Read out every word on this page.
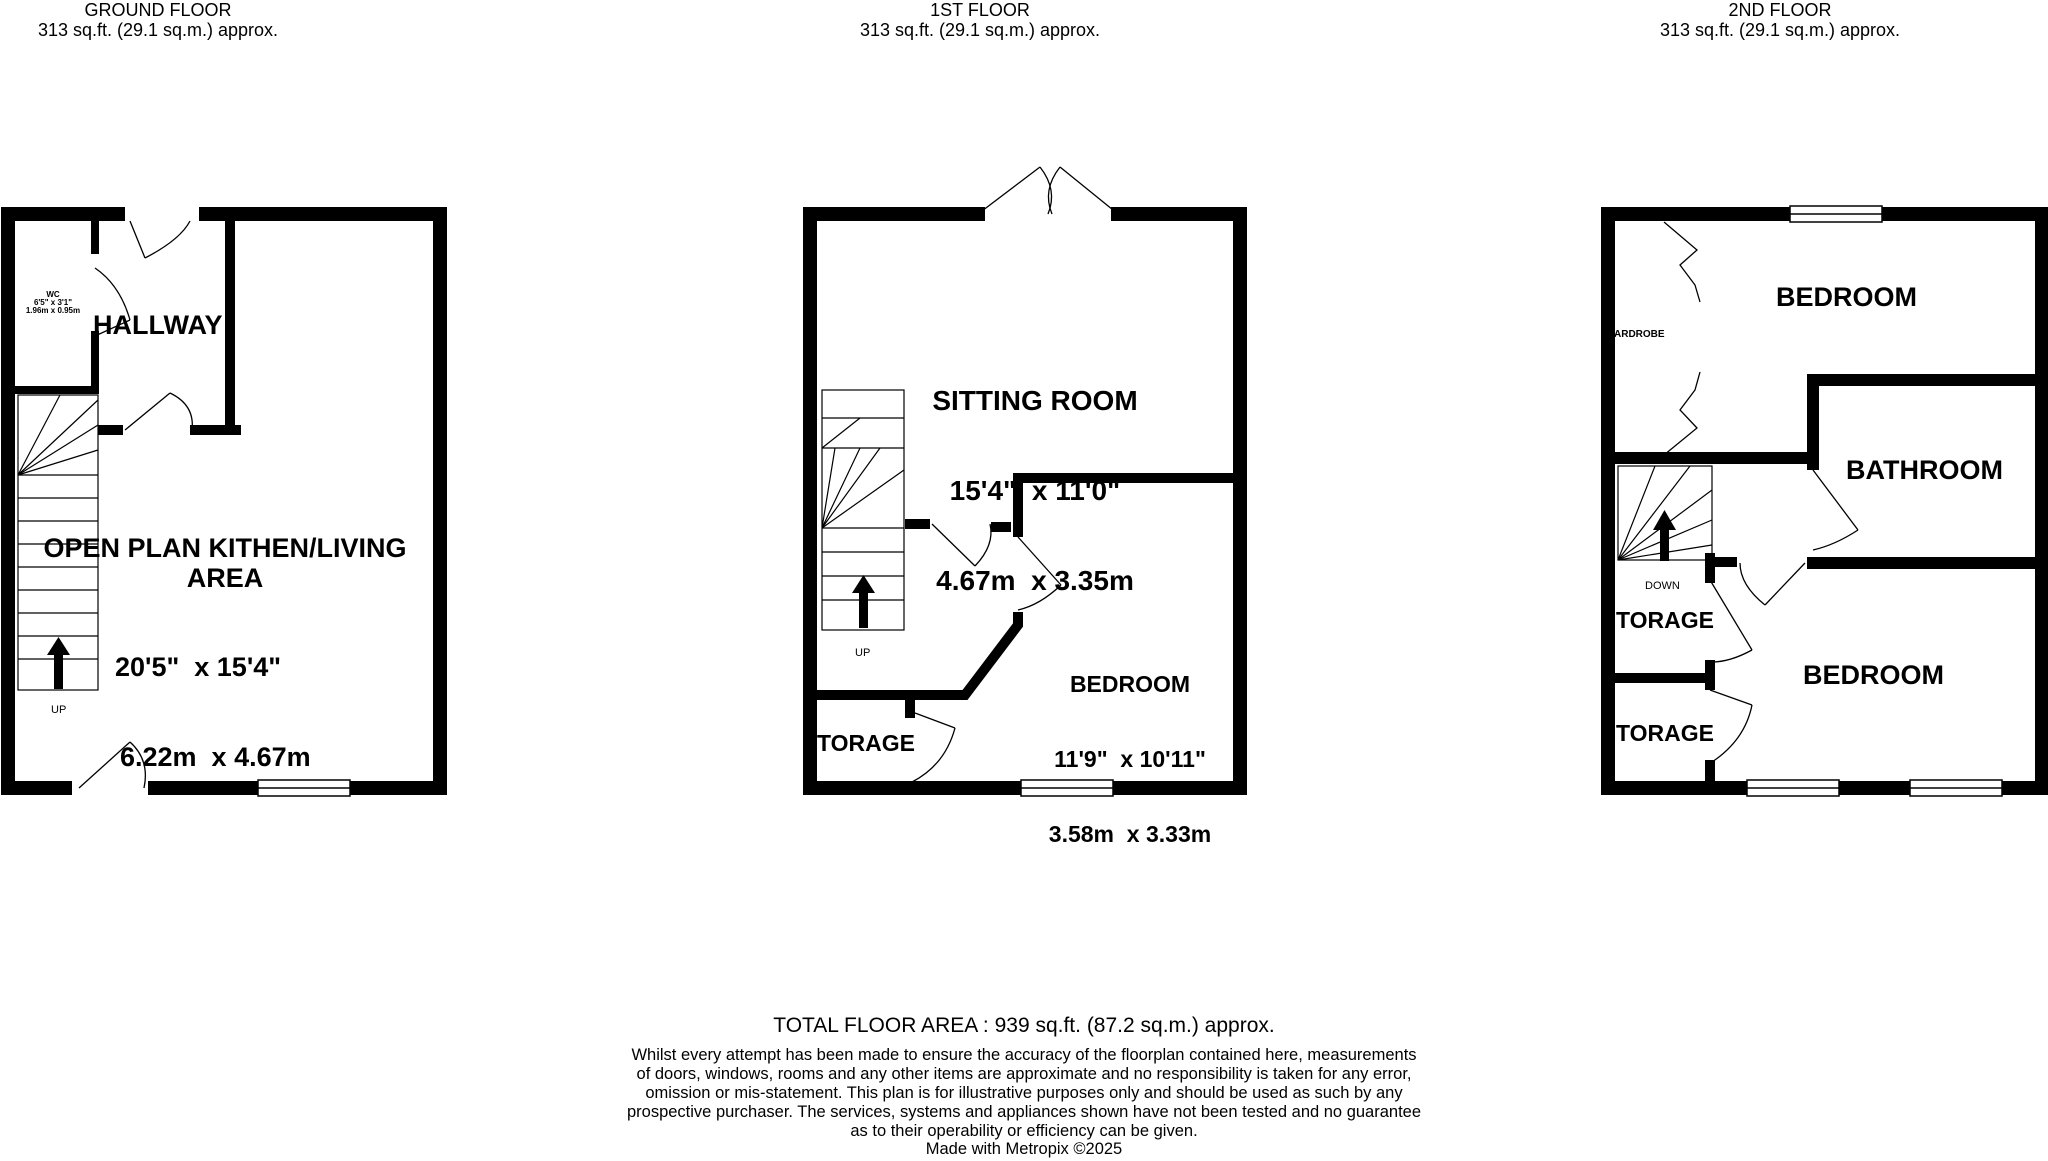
GROUND FLOOR
313 sq.ft. (29.1 sq.m.) approx.
1ST FLOOR
313 sq.ft. (29.1 sq.m.) approx.
2ND FLOOR
313 sq.ft. (29.1 sq.m.) approx.
WC
6'5" x 3'1"
1.96m x 0.95m HALLWAY
OPEN PLAN KITHEN/LIVING
AREA

20'5"  x 15'4"

6.22m  x 4.67m

UP

SITTING ROOM

15'4"  x 11'0"

4.67m  x 3.35m

BEDROOM

11'9"  x 10'11"

3.58m  x 3.33m

TORAGE
UP
BEDROOM
ARDROBE
BATHROOM
DOWN
TORAGE
BEDROOM
TORAGE
TOTAL FLOOR AREA : 939 sq.ft. (87.2 sq.m.) approx.
Whilst every attempt has been made to ensure the accuracy of the floorplan contained here, measurements
of doors, windows, rooms and any other items are approximate and no responsibility is taken for any error,
omission or mis-statement. This plan is for illustrative purposes only and should be used as such by any
prospective purchaser. The services, systems and appliances shown have not been tested and no guarantee
as to their operability or efficiency can be given.
Made with Metropix ©2025
